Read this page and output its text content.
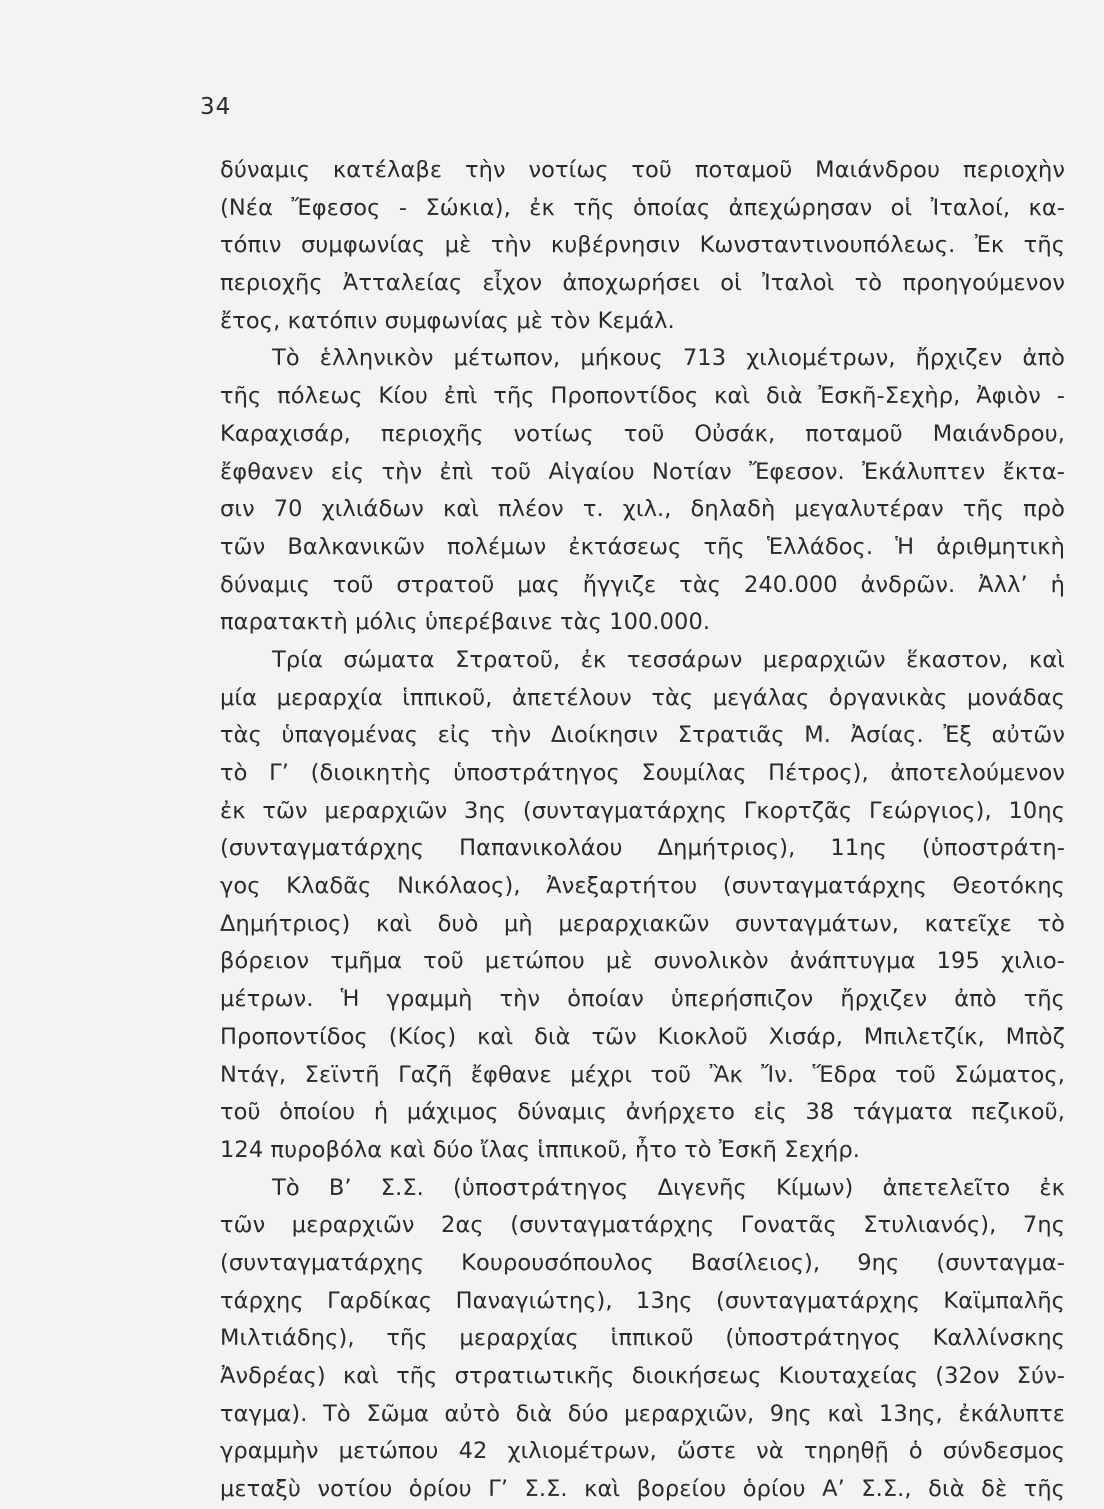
34
δύναμις κατέλαβε τὴν νοτίως τοῦ ποταμοῦ Μαιάνδρου περιοχὴν
(Νέα Ἔφεσος - Σώκια), ἐκ τῆς ὁποίας ἀπεχώρησαν οἱ Ἰταλοί, κα-
τόπιν συμφωνίας μὲ τὴν κυβέρνησιν Κωνσταντινουπόλεως. Ἐκ τῆς
περιοχῆς Ἀτταλείας εἶχον ἀποχωρήσει οἱ Ἰταλοὶ τὸ προηγούμενον
ἔτος, κατόπιν συμφωνίας μὲ τὸν Κεμάλ.
Τὸ ἑλληνικὸν μέτωπον, μήκους 713 χιλιομέτρων, ἤρχιζεν ἀπὸ
τῆς πόλεως Κίου ἐπὶ τῆς Προποντίδος καὶ διὰ Ἐσκῆ-Σεχὴρ, Ἀφιὸν -
Καραχισάρ, περιοχῆς νοτίως τοῦ Οὐσάκ, ποταμοῦ Μαιάνδρου,
ἔφθανεν εἰς τὴν ἐπὶ τοῦ Αἰγαίου Νοτίαν Ἔφεσον. Ἐκάλυπτεν ἔκτα-
σιν 70 χιλιάδων καὶ πλέον τ. χιλ., δηλαδὴ μεγαλυτέραν τῆς πρὸ
τῶν Βαλκανικῶν πολέμων ἐκτάσεως τῆς Ἑλλάδος. Ἡ ἀριθμητικὴ
δύναμις τοῦ στρατοῦ μας ἤγγιζε τὰς 240.000 ἀνδρῶν. Ἀλλ’ ἡ
παρατακτὴ μόλις ὑπερέβαινε τὰς 100.000.
Τρία σώματα Στρατοῦ, ἐκ τεσσάρων μεραρχιῶν ἕκαστον, καὶ
μία μεραρχία ἱππικοῦ, ἀπετέλουν τὰς μεγάλας ὀργανικὰς μονάδας
τὰς ὑπαγομένας εἰς τὴν Διοίκησιν Στρατιᾶς Μ. Ἀσίας. Ἐξ αὐτῶν
τὸ Γ’ (διοικητὴς ὑποστράτηγος Σουμίλας Πέτρος), ἀποτελούμενον
ἐκ τῶν μεραρχιῶν 3ης (συνταγματάρχης Γκορτζᾶς Γεώργιος), 10ης
(συνταγματάρχης Παπανικολάου Δημήτριος), 11ης (ὑποστράτη-
γος Κλαδᾶς Νικόλαος), Ἀνεξαρτήτου (συνταγματάρχης Θεοτόκης
Δημήτριος) καὶ δυὸ μὴ μεραρχιακῶν συνταγμάτων, κατεῖχε τὸ
βόρειον τμῆμα τοῦ μετώπου μὲ συνολικὸν ἀνάπτυγμα 195 χιλιο-
μέτρων. Ἡ γραμμὴ τὴν ὁποίαν ὑπερήσπιζον ἤρχιζεν ἀπὸ τῆς
Προποντίδος (Κίος) καὶ διὰ τῶν Κιοκλοῦ Χισάρ, Μπιλετζίκ, Μπὸζ
Ντάγ, Σεϊντῆ Γαζῆ ἔφθανε μέχρι τοῦ Ἂκ Ἴν. Ἕδρα τοῦ Σώματος,
τοῦ ὁποίου ἡ μάχιμος δύναμις ἀνήρχετο εἰς 38 τάγματα πεζικοῦ,
124 πυροβόλα καὶ δύο ἴλας ἱππικοῦ, ἦτο τὸ Ἐσκῆ Σεχήρ.
Τὸ Β’ Σ.Σ. (ὑποστράτηγος Διγενῆς Κίμων) ἀπετελεῖτο ἐκ
τῶν μεραρχιῶν 2ας (συνταγματάρχης Γονατᾶς Στυλιανός), 7ης
(συνταγματάρχης Κουρουσόπουλος Βασίλειος), 9ης (συνταγμα-
τάρχης Γαρδίκας Παναγιώτης), 13ης (συνταγματάρχης Καϊμπαλῆς
Μιλτιάδης), τῆς μεραρχίας ἱππικοῦ (ὑποστράτηγος Καλλίνσκης
Ἀνδρέας) καὶ τῆς στρατιωτικῆς διοικήσεως Κιουταχείας (32ον Σύν-
ταγμα). Τὸ Σῶμα αὐτὸ διὰ δύο μεραρχιῶν, 9ης καὶ 13ης, ἐκάλυπτε
γραμμὴν μετώπου 42 χιλιομέτρων, ὥστε νὰ τηρηθῇ ὁ σύνδεσμος
μεταξὺ νοτίου ὁρίου Γ’ Σ.Σ. καὶ βορείου ὁρίου Α’ Σ.Σ., διὰ δὲ τῆς
